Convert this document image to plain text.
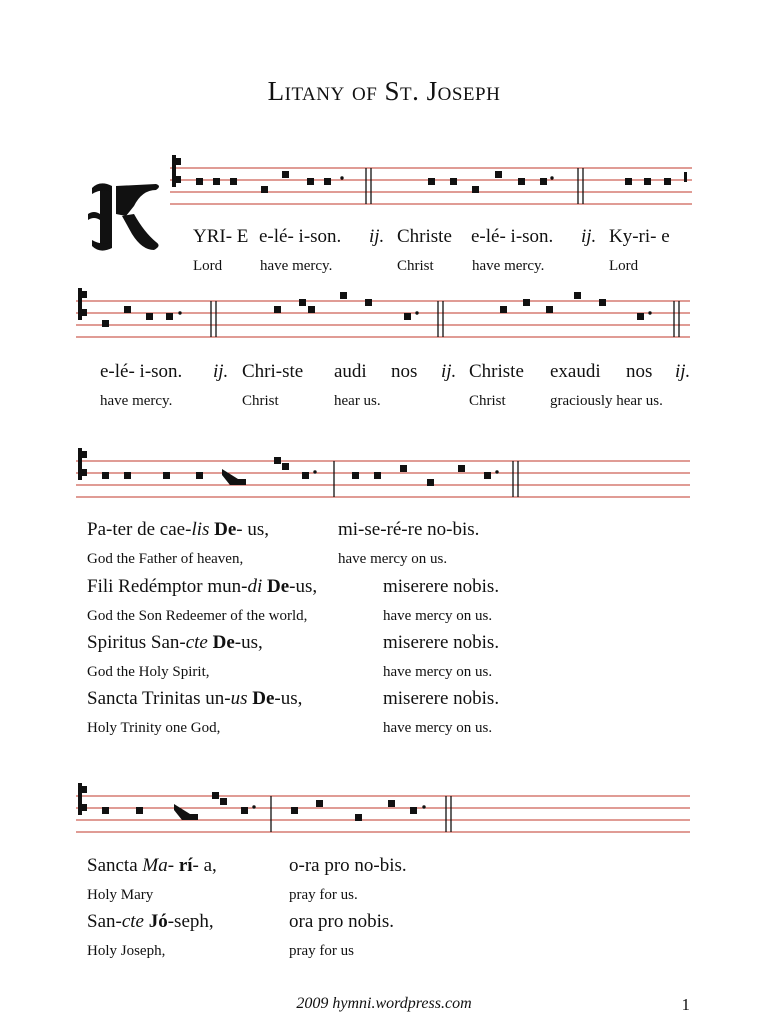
Litany of St. Joseph
K
YRI- E e-lé- i-son. ij. Christe e-lé- i-son. ij. Ky-ri- e
Lord	have mercy.	Christ	have mercy.	Lord
e-lé- i-son. ij. Chri-ste audi nos ij. Christe exaudi nos ij.
have mercy.	Christ	hear us.	Christ	graciously hear us.
Pa-ter de cae-lis De- us,	mi-se-ré-re no-bis.
God the Father of heaven,	have mercy on us.
Fili Redémptor mun-di De-us,	miserere nobis.
God the Son Redeemer of the world,	have mercy on us.
Spiritus San-cte De-us,	miserere nobis.
God the Holy Spirit,	have mercy on us.
Sancta Trinitas un-us De-us,	miserere nobis.
Holy Trinity one God,	have mercy on us.
Sancta Ma- rí- a,	o-ra pro no-bis.
Holy Mary	pray for us.
San-cte Jó-seph,	ora pro nobis.
Holy Joseph,	pray for us
2009 hymni.wordpress.com	1
